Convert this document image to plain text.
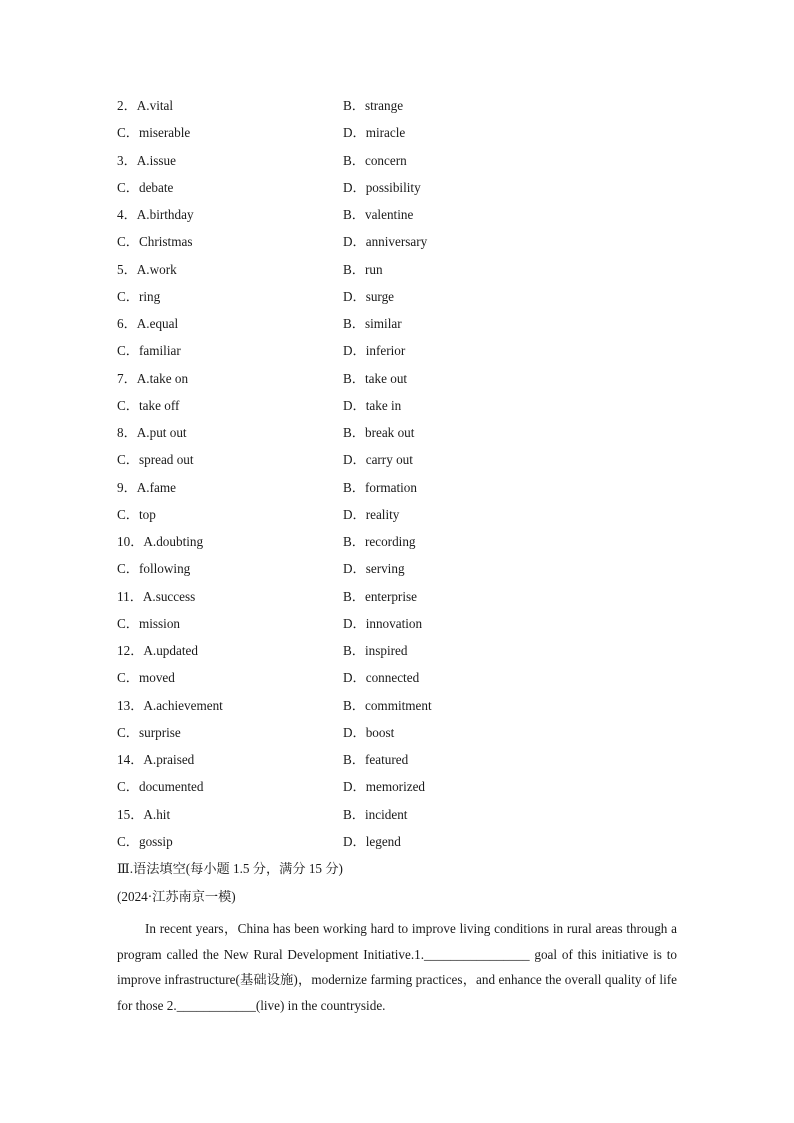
2．A.vital	B．strange
C．miserable	D．miracle
3．A.issue	B．concern
C．debate	D．possibility
4．A.birthday	B．valentine
C．Christmas	D．anniversary
5．A.work	B．run
C．ring	D．surge
6．A.equal	B．similar
C．familiar	D．inferior
7．A.take on	B．take out
C．take off	D．take in
8．A.put out	B．break out
C．spread out	D．carry out
9．A.fame	B．formation
C．top	D．reality
10．A.doubting	B．recording
C．following	D．serving
11．A.success	B．enterprise
C．mission	D．innovation
12．A.updated	B．inspired
C．moved	D．connected
13．A.achievement	B．commitment
C．surprise	D．boost
14．A.praised	B．featured
C．documented	D．memorized
15．A.hit	B．incident
C．gossip	D．legend
Ⅲ.语法填空(每小题 1.5 分，满分 15 分)
(2024·江苏南京一模)
In recent years，China has been working hard to improve living conditions in rural areas through a program called the New Rural Development Initiative.1.________________ goal of this initiative is to improve infrastructure(基础设施)，modernize farming practices，and enhance the overall quality of life for those 2.____________(live) in the countryside.
